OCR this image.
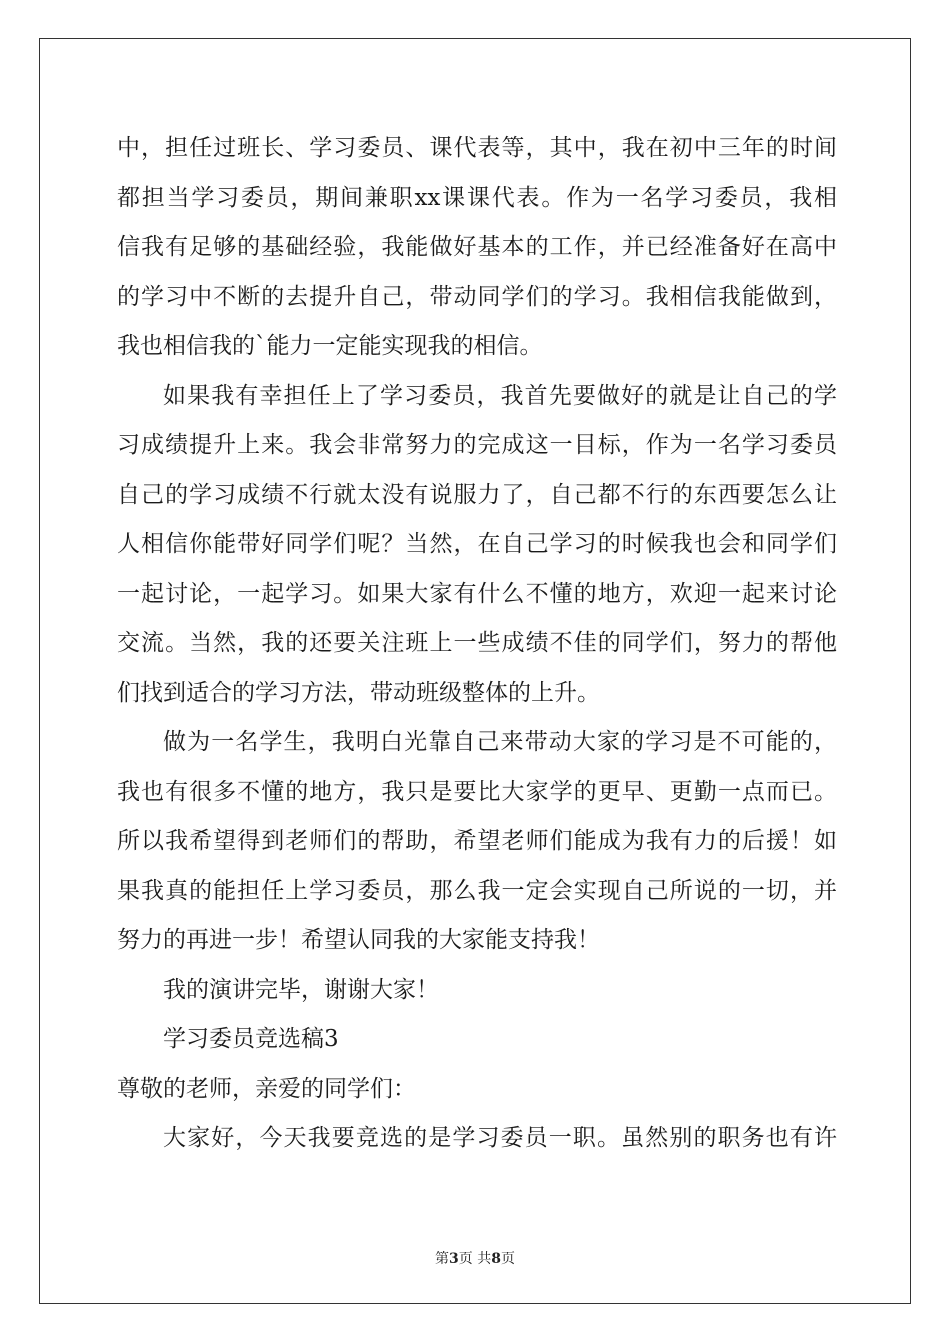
中，担任过班长、学习委员、课代表等，其中，我在初中三年的时间
都担当学习委员，期间兼职xx课课代表。作为一名学习委员，我相
信我有足够的基础经验，我能做好基本的工作，并已经准备好在高中
的学习中不断的去提升自己，带动同学们的学习。我相信我能做到，
我也相信我的`能力一定能实现我的相信。
如果我有幸担任上了学习委员，我首先要做好的就是让自己的学
习成绩提升上来。我会非常努力的完成这一目标，作为一名学习委员
自己的学习成绩不行就太没有说服力了，自己都不行的东西要怎么让
人相信你能带好同学们呢？当然，在自己学习的时候我也会和同学们
一起讨论，一起学习。如果大家有什么不懂的地方，欢迎一起来讨论
交流。当然，我的还要关注班上一些成绩不佳的同学们，努力的帮他
们找到适合的学习方法，带动班级整体的上升。
做为一名学生，我明白光靠自己来带动大家的学习是不可能的，
我也有很多不懂的地方，我只是要比大家学的更早、更勤一点而已。
所以我希望得到老师们的帮助，希望老师们能成为我有力的后援！如
果我真的能担任上学习委员，那么我一定会实现自己所说的一切，并
努力的再进一步！希望认同我的大家能支持我！
我的演讲完毕，谢谢大家！
学习委员竞选稿3
尊敬的老师，亲爱的同学们：
大家好，今天我要竞选的是学习委员一职。虽然别的职务也有许
第3页 共8页
